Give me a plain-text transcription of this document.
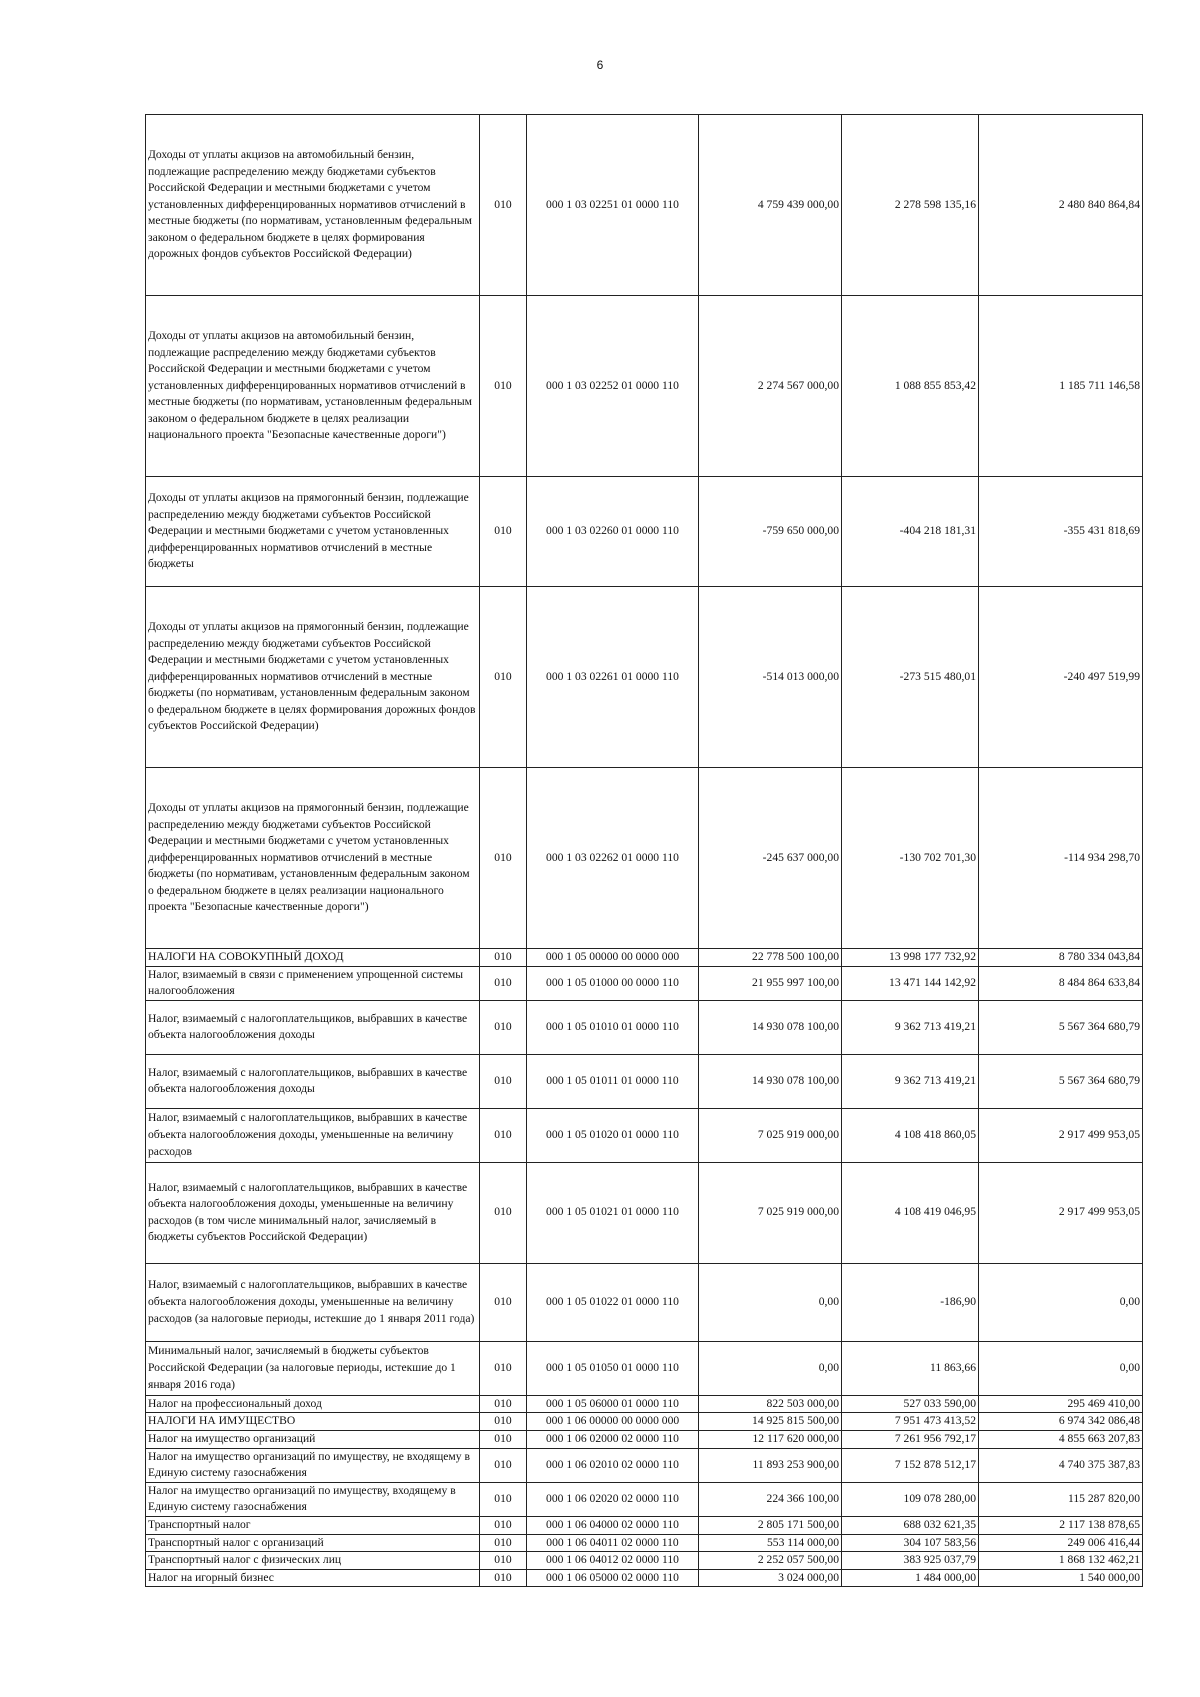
6
Доходы от уплаты акцизов на автомобильный бензин, подлежащие распределению между бюджетами субъектов Российской Федерации и местными бюджетами с учетом установленных дифференцированных нормативов отчислений в местные бюджеты (по нормативам, установленным федеральным законом о федеральном бюджете в целях формирования дорожных фондов субъектов Российской Федерации)	010	000 1 03 02251 01 0000 110	4 759 439 000,00	2 278 598 135,16	2 480 840 864,84
Доходы от уплаты акцизов на автомобильный бензин, подлежащие распределению между бюджетами субъектов Российской Федерации и местными бюджетами с учетом установленных дифференцированных нормативов отчислений в местные бюджеты (по нормативам, установленным федеральным законом о федеральном бюджете в целях реализации национального проекта "Безопасные качественные дороги")	010	000 1 03 02252 01 0000 110	2 274 567 000,00	1 088 855 853,42	1 185 711 146,58
Доходы от уплаты акцизов на прямогонный бензин, подлежащие распределению между бюджетами субъектов Российской Федерации и местными бюджетами с учетом установленных дифференцированных нормативов отчислений в местные бюджеты	010	000 1 03 02260 01 0000 110	-759 650 000,00	-404 218 181,31	-355 431 818,69
Доходы от уплаты акцизов на прямогонный бензин, подлежащие распределению между бюджетами субъектов Российской Федерации и местными бюджетами с учетом установленных дифференцированных нормативов отчислений в местные бюджеты (по нормативам, установленным федеральным законом о федеральном бюджете в целях формирования дорожных фондов субъектов Российской Федерации)	010	000 1 03 02261 01 0000 110	-514 013 000,00	-273 515 480,01	-240 497 519,99
Доходы от уплаты акцизов на прямогонный бензин, подлежащие распределению между бюджетами субъектов Российской Федерации и местными бюджетами с учетом установленных дифференцированных нормативов отчислений в местные бюджеты (по нормативам, установленным федеральным законом о федеральном бюджете в целях реализации национального проекта "Безопасные качественные дороги")	010	000 1 03 02262 01 0000 110	-245 637 000,00	-130 702 701,30	-114 934 298,70
НАЛОГИ НА СОВОКУПНЫЙ ДОХОД	010	000 1 05 00000 00 0000 000	22 778 500 100,00	13 998 177 732,92	8 780 334 043,84
Налог, взимаемый в связи с применением упрощенной системы налогообложения	010	000 1 05 01000 00 0000 110	21 955 997 100,00	13 471 144 142,92	8 484 864 633,84
Налог, взимаемый с налогоплательщиков, выбравших в качестве объекта налогообложения доходы	010	000 1 05 01010 01 0000 110	14 930 078 100,00	9 362 713 419,21	5 567 364 680,79
Налог, взимаемый с налогоплательщиков, выбравших в качестве объекта налогообложения доходы	010	000 1 05 01011 01 0000 110	14 930 078 100,00	9 362 713 419,21	5 567 364 680,79
Налог, взимаемый с налогоплательщиков, выбравших в качестве объекта налогообложения доходы, уменьшенные на величину расходов	010	000 1 05 01020 01 0000 110	7 025 919 000,00	4 108 418 860,05	2 917 499 953,05
Налог, взимаемый с налогоплательщиков, выбравших в качестве объекта налогообложения доходы, уменьшенные на величину расходов (в том числе минимальный налог, зачисляемый в бюджеты субъектов Российской Федерации)	010	000 1 05 01021 01 0000 110	7 025 919 000,00	4 108 419 046,95	2 917 499 953,05
Налог, взимаемый с налогоплательщиков, выбравших в качестве объекта налогообложения доходы, уменьшенные на величину расходов (за налоговые периоды, истекшие до 1 января 2011 года)	010	000 1 05 01022 01 0000 110	0,00	-186,90	0,00
Минимальный налог, зачисляемый в бюджеты субъектов Российской Федерации (за налоговые периоды, истекшие до 1 января 2016 года)	010	000 1 05 01050 01 0000 110	0,00	11 863,66	0,00
Налог на профессиональный доход	010	000 1 05 06000 01 0000 110	822 503 000,00	527 033 590,00	295 469 410,00
НАЛОГИ НА ИМУЩЕСТВО	010	000 1 06 00000 00 0000 000	14 925 815 500,00	7 951 473 413,52	6 974 342 086,48
Налог на имущество организаций	010	000 1 06 02000 02 0000 110	12 117 620 000,00	7 261 956 792,17	4 855 663 207,83
Налог на имущество организаций по имуществу, не входящему в Единую систему газоснабжения	010	000 1 06 02010 02 0000 110	11 893 253 900,00	7 152 878 512,17	4 740 375 387,83
Налог на имущество организаций по имуществу, входящему в Единую систему газоснабжения	010	000 1 06 02020 02 0000 110	224 366 100,00	109 078 280,00	115 287 820,00
Транспортный налог	010	000 1 06 04000 02 0000 110	2 805 171 500,00	688 032 621,35	2 117 138 878,65
Транспортный налог с организаций	010	000 1 06 04011 02 0000 110	553 114 000,00	304 107 583,56	249 006 416,44
Транспортный налог с физических лиц	010	000 1 06 04012 02 0000 110	2 252 057 500,00	383 925 037,79	1 868 132 462,21
Налог на игорный бизнес	010	000 1 06 05000 02 0000 110	3 024 000,00	1 484 000,00	1 540 000,00
